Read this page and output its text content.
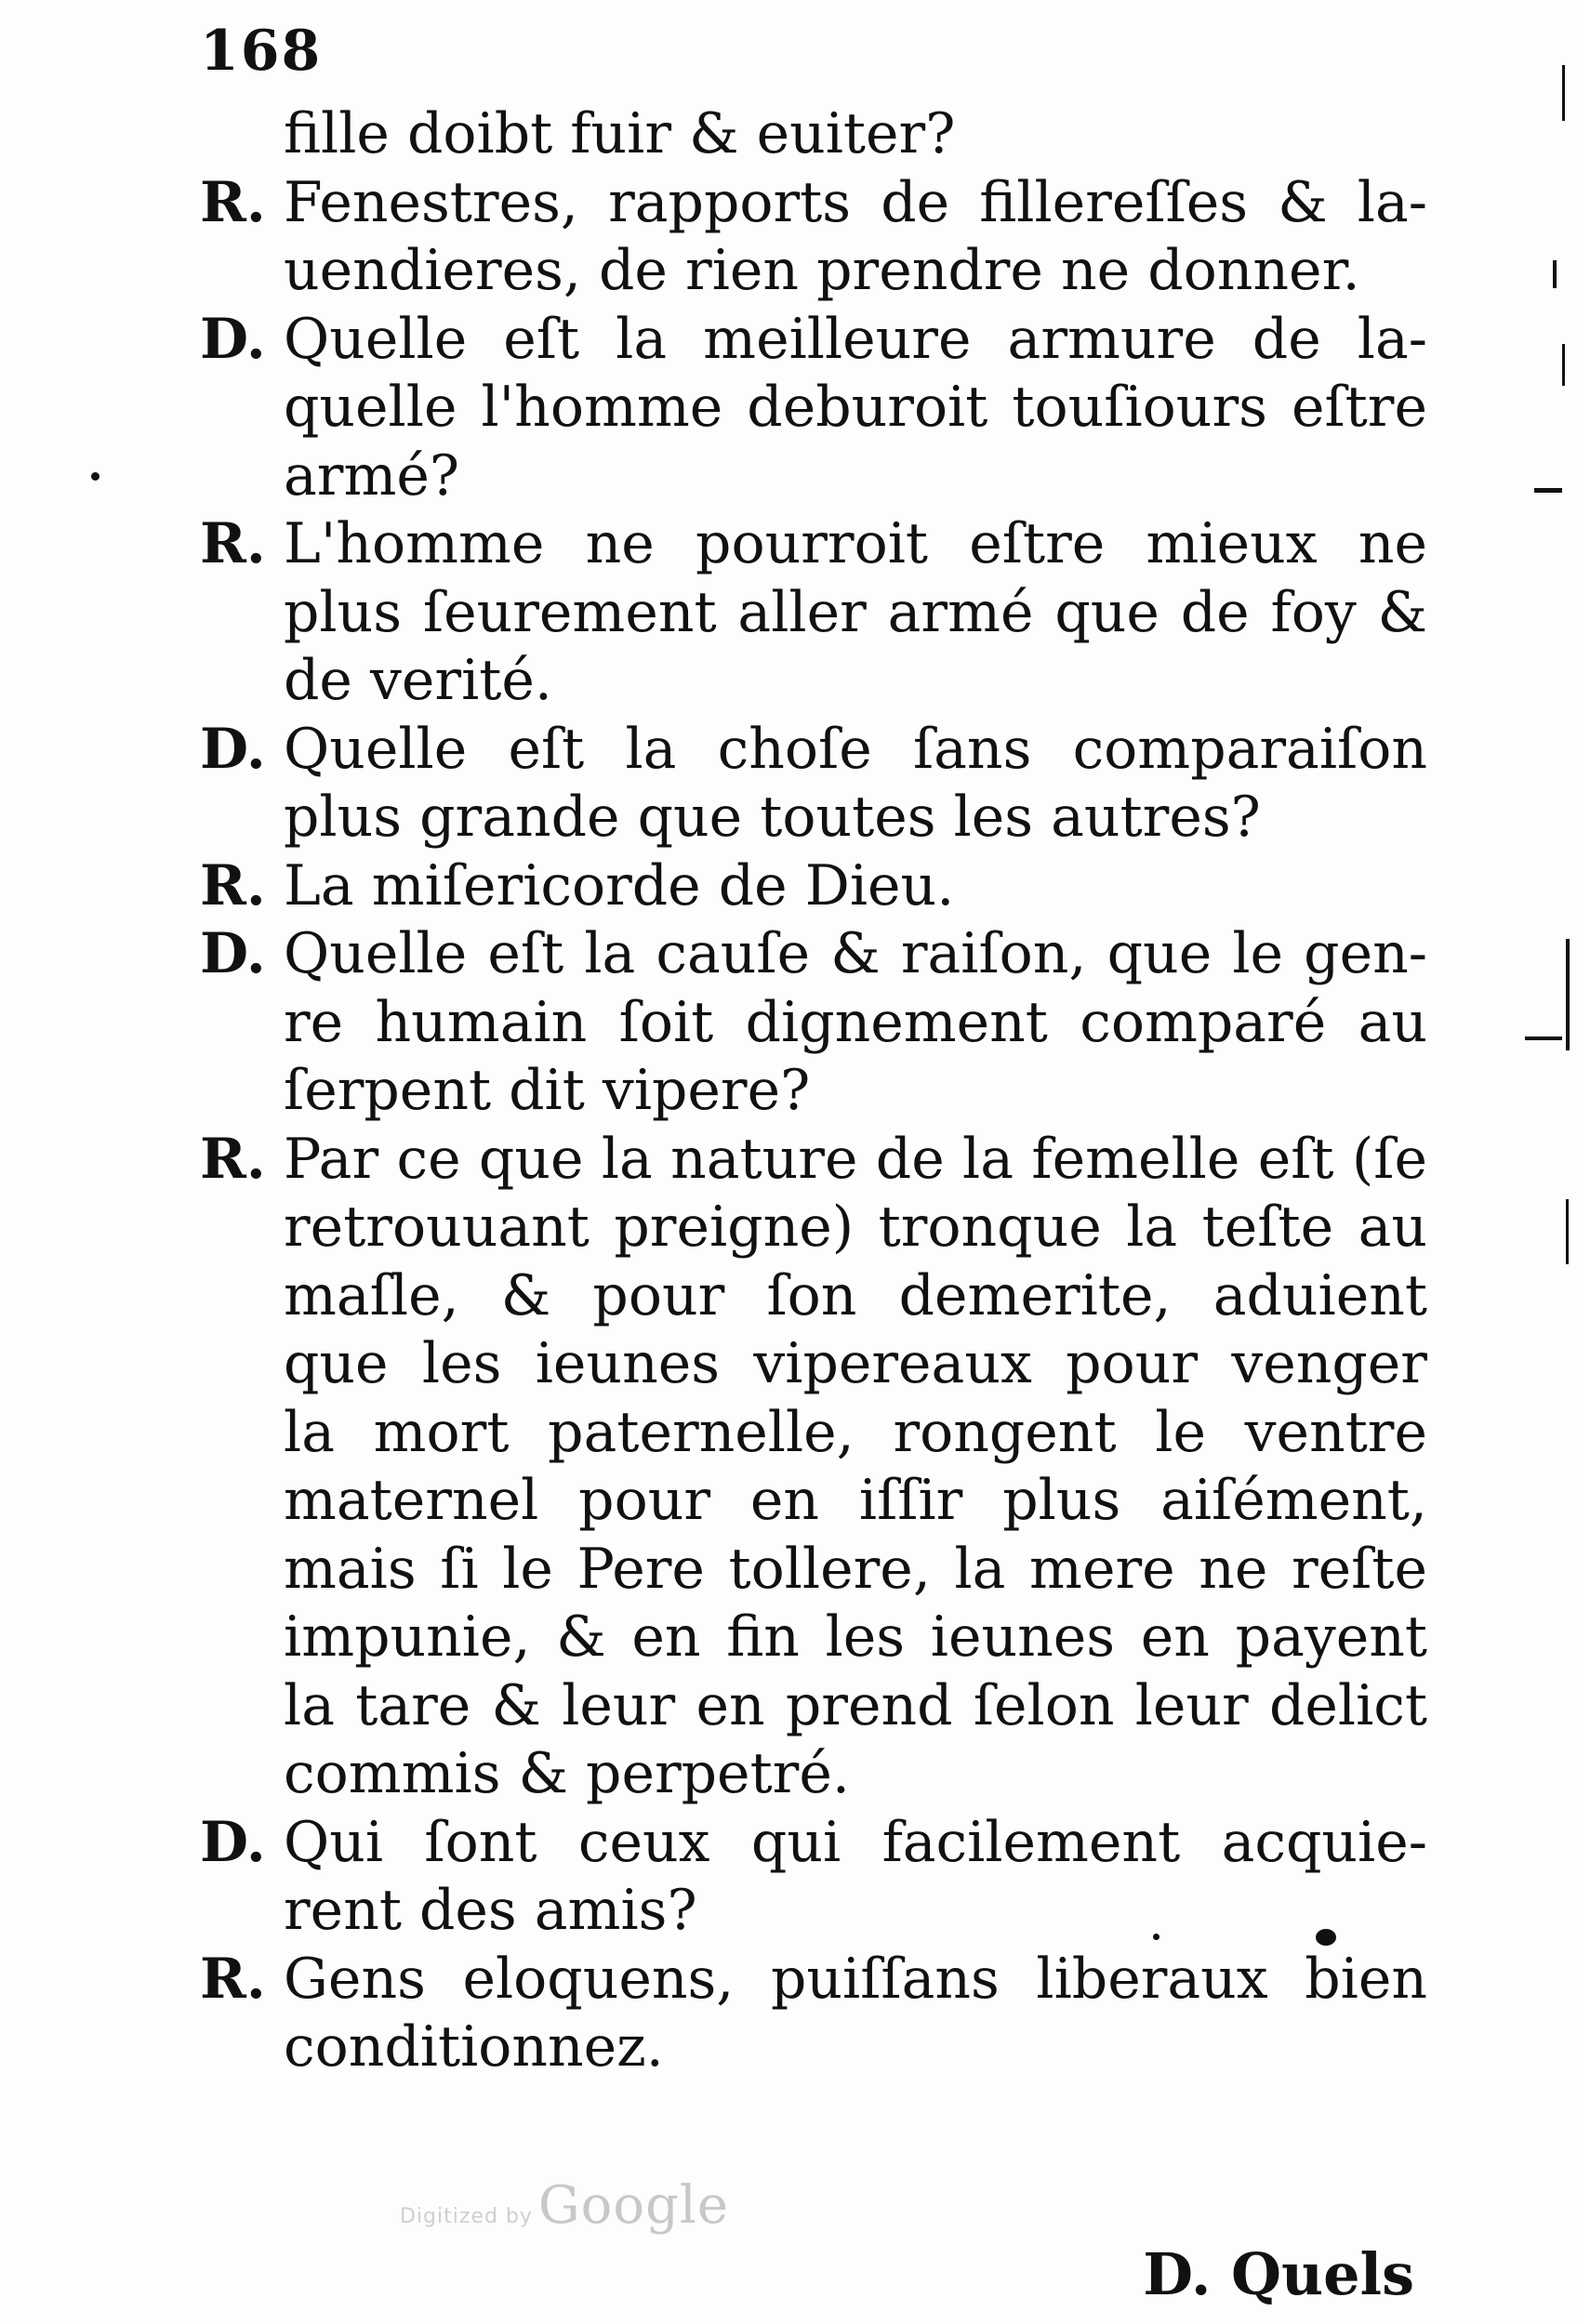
168
fille doibt fuir & euiter?
R. Fenestres, rapports de fillereſſes & la-
uendieres, de rien prendre ne donner.
D. Quelle eſt la meilleure armure de la-
quelle l'homme deburoit touſiours eſtre
armé?
R. L'homme ne pourroit eſtre mieux ne
plus ſeurement aller armé que de foy &
de verité.
D. Quelle eſt la choſe ſans comparaiſon
plus grande que toutes les autres?
R. La miſericorde de Dieu.
D. Quelle eſt la cauſe & raiſon, que le gen-
re humain ſoit dignement comparé au
ſerpent dit vipere?
R. Par ce que la nature de la femelle eſt (ſe
retrouuant preigne) tronque la teſte au
maſle, & pour ſon demerite, aduient
que les ieunes vipereaux pour venger
la mort paternelle, rongent le ventre
maternel pour en iſſir plus aiſément,
mais ſi le Pere tollere, la mere ne reſte
impunie, & en fin les ieunes en payent
la tare & leur en prend ſelon leur delict
commis & perpetré.
D. Qui ſont ceux qui facilement acquie-
rent des amis?
R. Gens eloquens, puiſſans liberaux bien
conditionnez.
Digitized by Google
D. Quels
